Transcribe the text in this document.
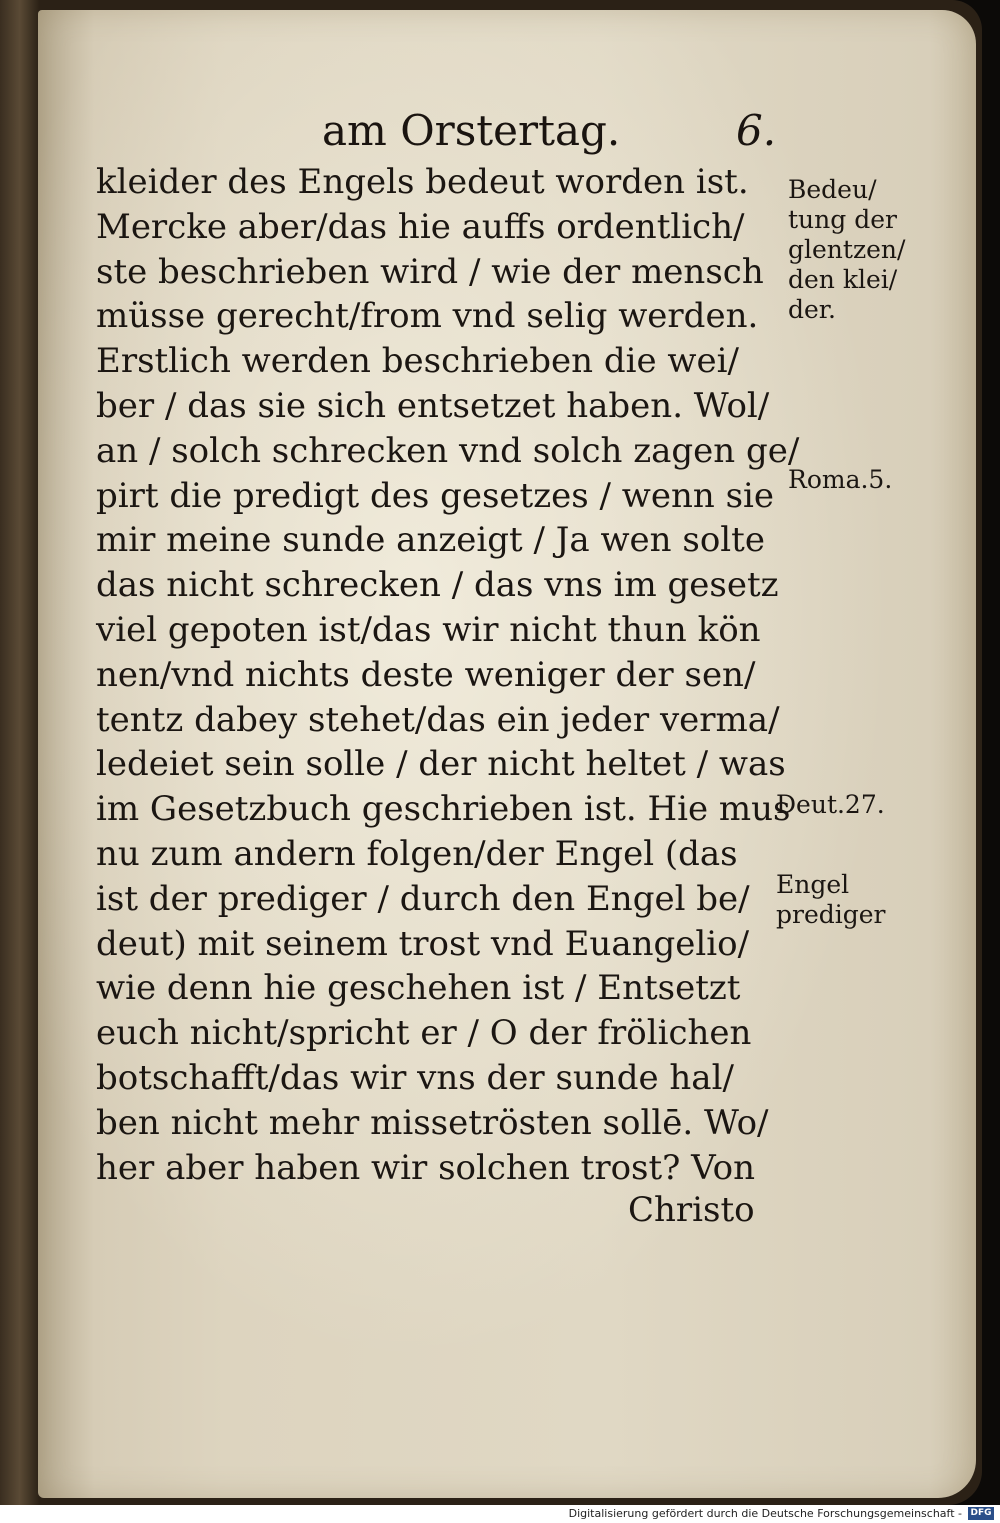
am Orstertag.	6.
kleider des Engels bedeut worden ist.
Mercke aber/das hie auffs ordentlich/
ste beschrieben wird / wie der mensch
müsse gerecht/from vnd selig werden.
Erstlich werden beschrieben die wei/
ber / das sie sich entsetzet haben. Wol/
an / solch schrecken vnd solch zagen ge/
pirt die predigt des gesetzes / wenn sie
mir meine sunde anzeigt / Ja wen solte
das nicht schrecken / das vns im gesetz
viel gepoten ist/das wir nicht thun kön
nen/vnd nichts deste weniger der sen/
tentz dabey stehet/das ein jeder verma/
ledeiet sein solle / der nicht heltet / was
im Gesetzbuch geschrieben ist. Hie mus
nu zum andern folgen/der Engel (das
ist der prediger / durch den Engel be/
deut) mit seinem trost vnd Euangelio/
wie denn hie geschehen ist / Entsetzt
euch nicht/spricht er / O der frölichen
botschafft/das wir vns der sunde hal/
ben nicht mehr missetrösten sollē. Wo/
her aber haben wir solchen trost? Von
Christo
Bedeu/
tung der
glentzen/
den klei/
der.
Roma.5.
Deut.27.
Engel
prediger
Digitalisierung gefördert durch die Deutsche Forschungsgemeinschaft - DFG
